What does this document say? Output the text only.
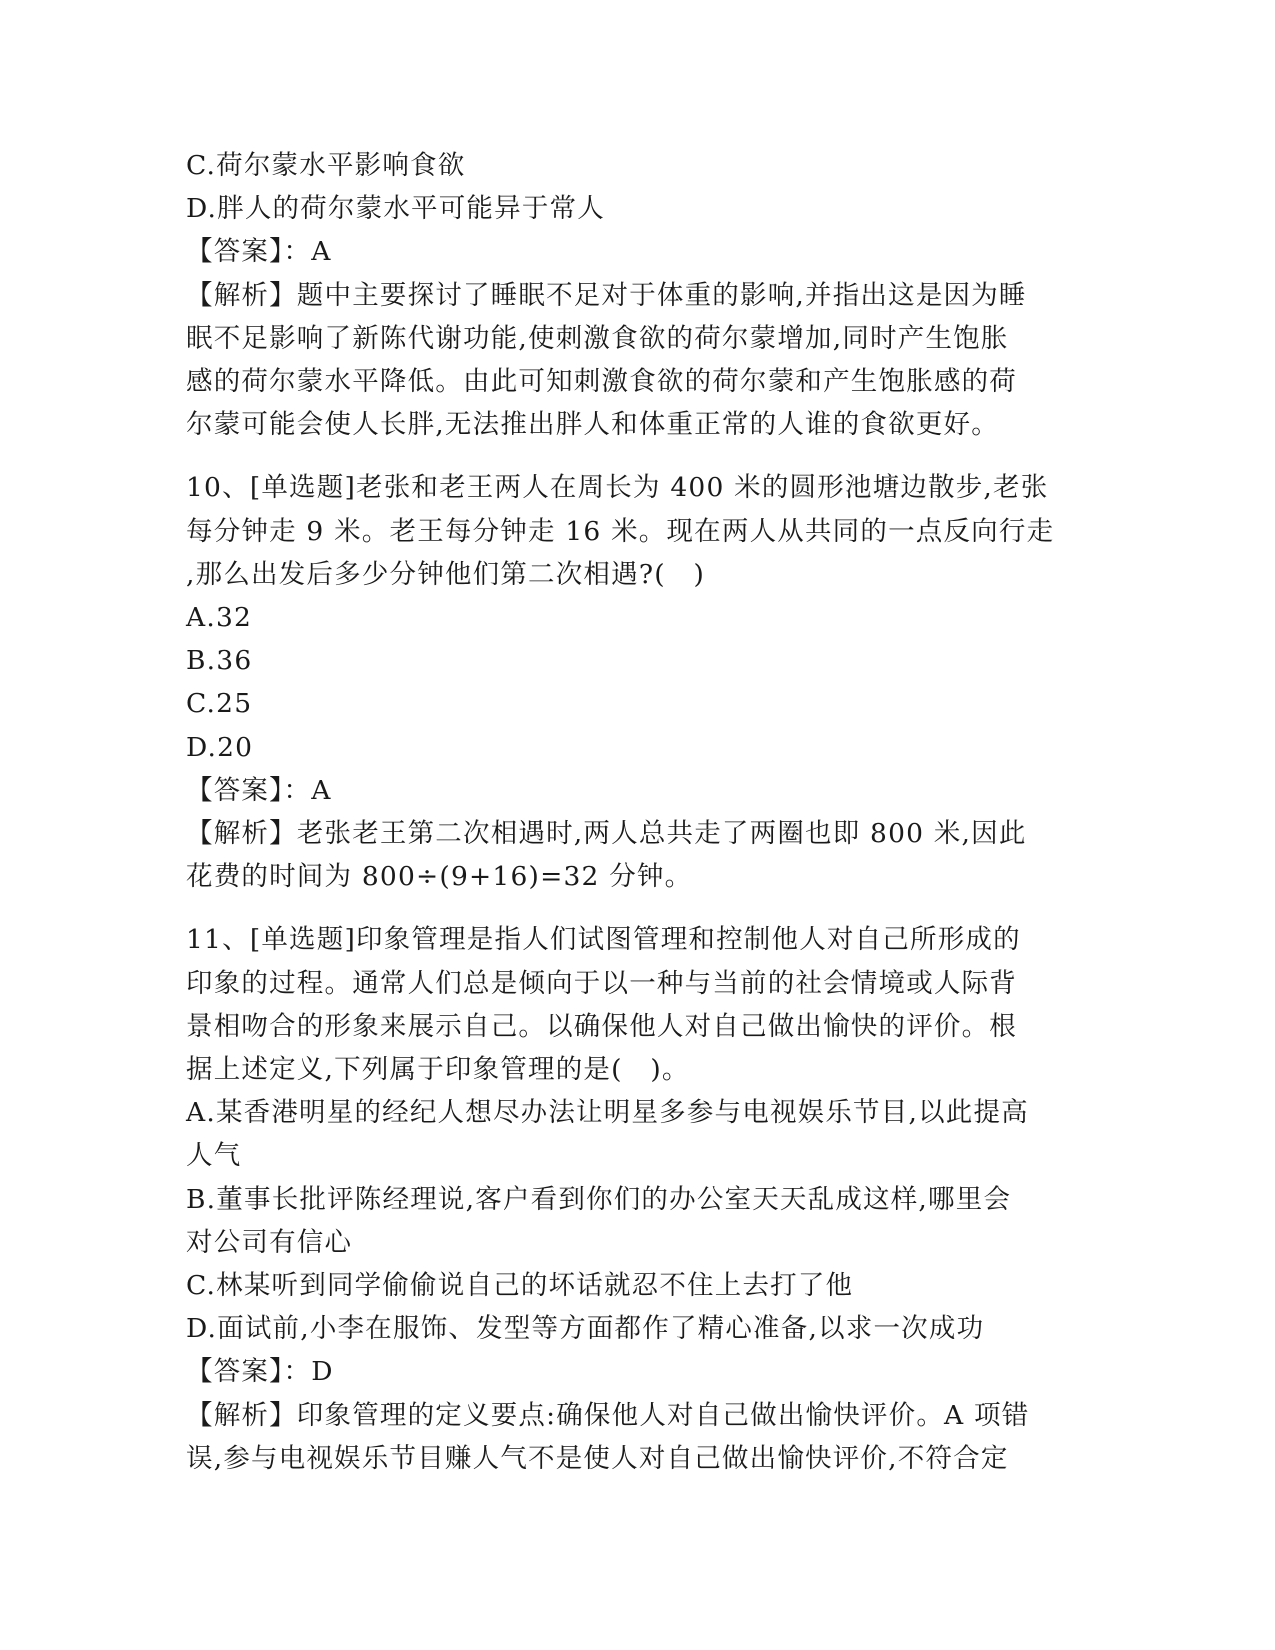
C.荷尔蒙水平影响食欲
D.胖人的荷尔蒙水平可能异于常人
【答案】：A
【解析】题中主要探讨了睡眠不足对于体重的影响,并指出这是因为睡
眠不足影响了新陈代谢功能,使刺激食欲的荷尔蒙增加,同时产生饱胀
感的荷尔蒙水平降低。由此可知刺激食欲的荷尔蒙和产生饱胀感的荷
尔蒙可能会使人长胖,无法推出胖人和体重正常的人谁的食欲更好。
10、[单选题]老张和老王两人在周长为 400 米的圆形池塘边散步,老张
每分钟走 9 米。老王每分钟走 16 米。现在两人从共同的一点反向行走
,那么出发后多少分钟他们第二次相遇?(　)
A.32
B.36
C.25
D.20
【答案】：A
【解析】老张老王第二次相遇时,两人总共走了两圈也即 800 米,因此
花费的时间为 800÷(9+16)=32 分钟。
11、[单选题]印象管理是指人们试图管理和控制他人对自己所形成的
印象的过程。通常人们总是倾向于以一种与当前的社会情境或人际背
景相吻合的形象来展示自己。以确保他人对自己做出愉快的评价。根
据上述定义,下列属于印象管理的是(　)。
A.某香港明星的经纪人想尽办法让明星多参与电视娱乐节目,以此提高
人气
B.董事长批评陈经理说,客户看到你们的办公室天天乱成这样,哪里会
对公司有信心
C.林某听到同学偷偷说自己的坏话就忍不住上去打了他
D.面试前,小李在服饰、发型等方面都作了精心准备,以求一次成功
【答案】：D
【解析】印象管理的定义要点:确保他人对自己做出愉快评价。A 项错
误,参与电视娱乐节目赚人气不是使人对自己做出愉快评价,不符合定
